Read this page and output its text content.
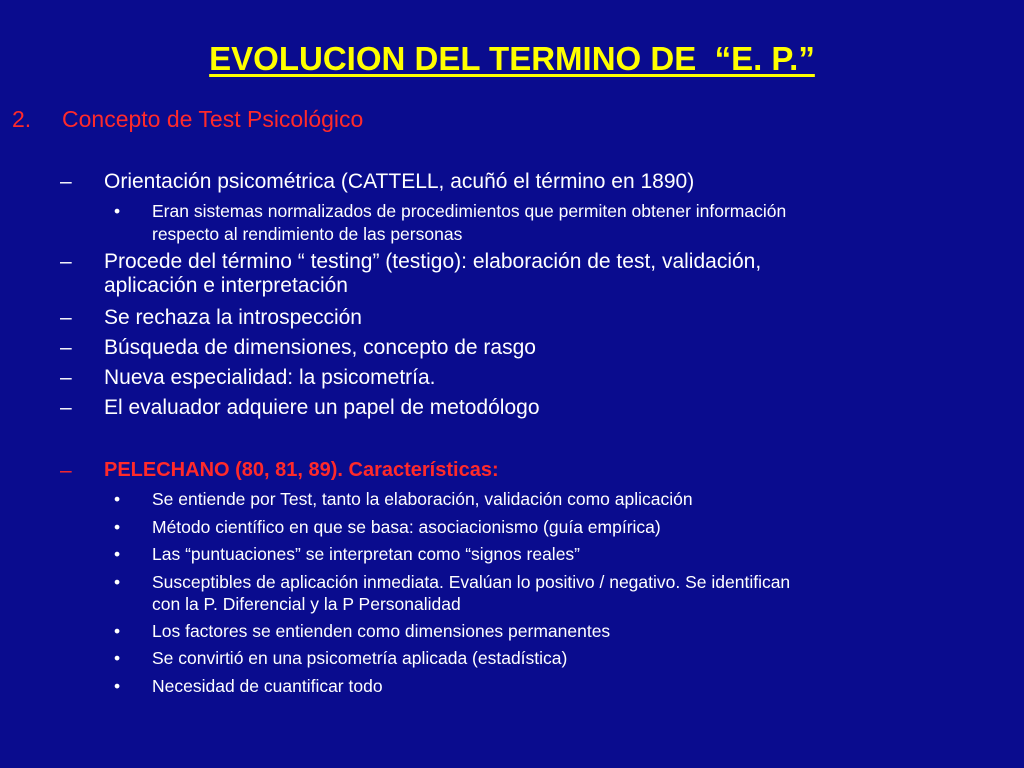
EVOLUCION DEL TERMINO DE  “E. P.”
2. Concepto de Test Psicológico
– Orientación psicométrica (CATTELL, acuñó el término en 1890)
• Eran sistemas normalizados de procedimientos que permiten obtener información
respecto al rendimiento de las personas
– Procede del término “ testing” (testigo): elaboración de test, validación,
aplicación e interpretación
– Se rechaza la introspección
– Búsqueda de dimensiones, concepto de rasgo
– Nueva especialidad: la psicometría.
– El evaluador adquiere un papel de metodólogo
– PELECHANO (80, 81, 89). Características:
• Se entiende por Test, tanto la elaboración, validación como aplicación
• Método científico en que se basa: asociacionismo (guía empírica)
• Las “puntuaciones” se interpretan como “signos reales”
• Susceptibles de aplicación inmediata. Evalúan lo positivo / negativo. Se identifican
con la P. Diferencial y la P Personalidad
• Los factores se entienden como dimensiones permanentes
• Se convirtió en una psicometría aplicada (estadística)
• Necesidad de cuantificar todo
